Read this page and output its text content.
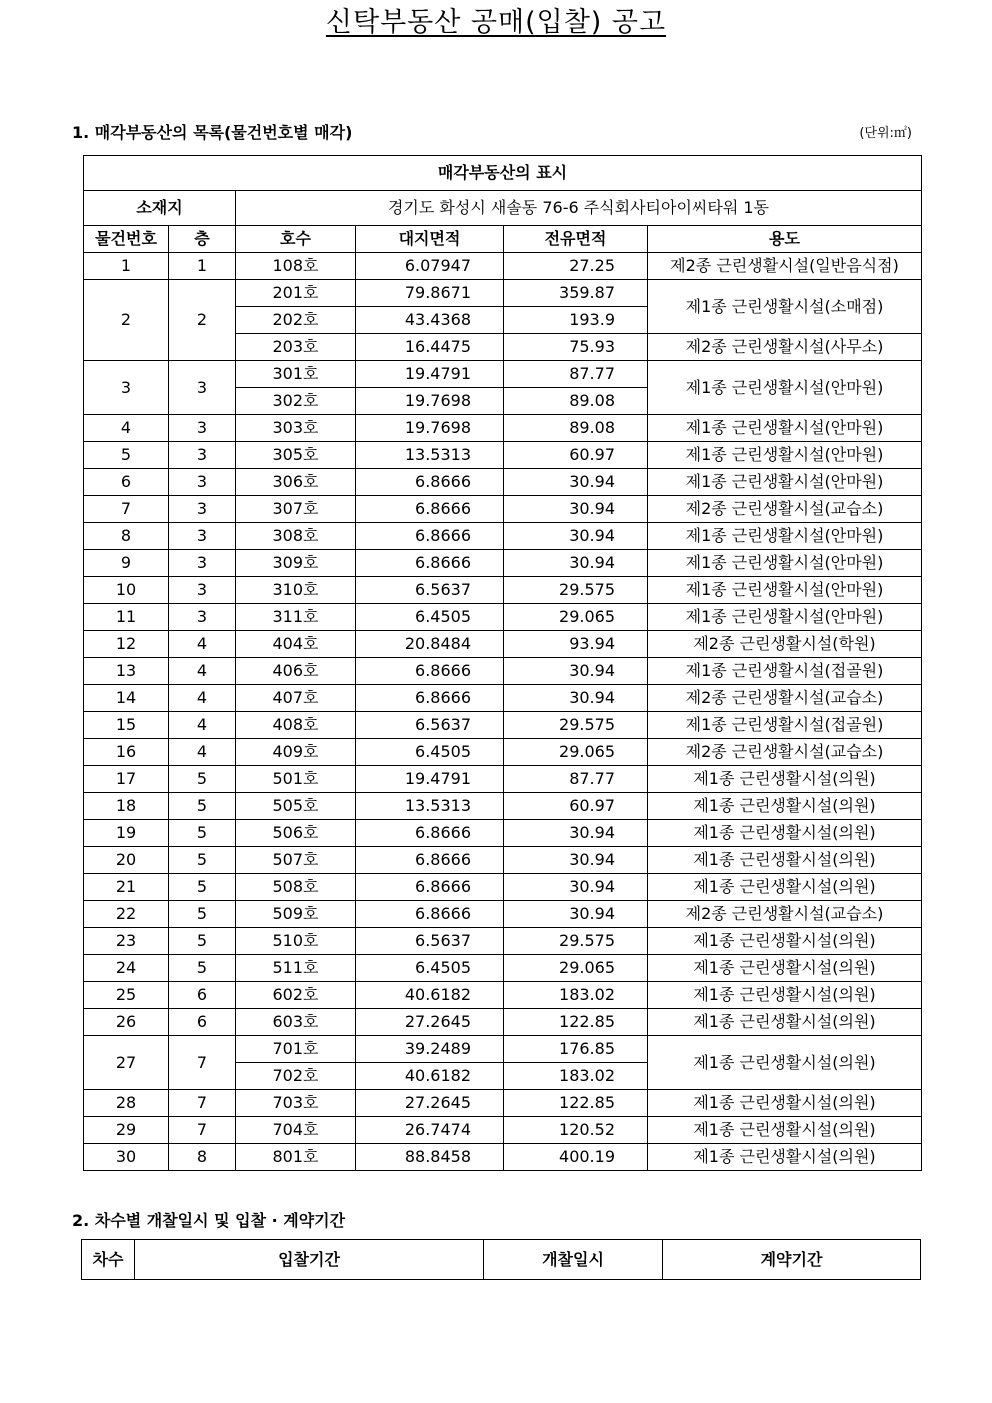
신탁부동산 공매(입찰) 공고
1. 매각부동산의 목록(물건번호별 매각)	(단위:㎡)
매각부동산의 표시					
소재지		경기도 화성시 새솔동 76-6 주식회사티아이씨타워 1동			
물건번호	층	호수	대지면적	전유면적	용도
1	1	108호	6.07947	27.25	제2종 근린생활시설(일반음식점)
2	2	201호	79.8671	359.87	제1종 근린생활시설(소매점)
		202호	43.4368	193.9	
		203호	16.4475	75.93	제2종 근린생활시설(사무소)
3	3	301호	19.4791	87.77	제1종 근린생활시설(안마원)
		302호	19.7698	89.08	
4	3	303호	19.7698	89.08	제1종 근린생활시설(안마원)
5	3	305호	13.5313	60.97	제1종 근린생활시설(안마원)
6	3	306호	6.8666	30.94	제1종 근린생활시설(안마원)
7	3	307호	6.8666	30.94	제2종 근린생활시설(교습소)
8	3	308호	6.8666	30.94	제1종 근린생활시설(안마원)
9	3	309호	6.8666	30.94	제1종 근린생활시설(안마원)
10	3	310호	6.5637	29.575	제1종 근린생활시설(안마원)
11	3	311호	6.4505	29.065	제1종 근린생활시설(안마원)
12	4	404호	20.8484	93.94	제2종 근린생활시설(학원)
13	4	406호	6.8666	30.94	제1종 근린생활시설(접골원)
14	4	407호	6.8666	30.94	제2종 근린생활시설(교습소)
15	4	408호	6.5637	29.575	제1종 근린생활시설(접골원)
16	4	409호	6.4505	29.065	제2종 근린생활시설(교습소)
17	5	501호	19.4791	87.77	제1종 근린생활시설(의원)
18	5	505호	13.5313	60.97	제1종 근린생활시설(의원)
19	5	506호	6.8666	30.94	제1종 근린생활시설(의원)
20	5	507호	6.8666	30.94	제1종 근린생활시설(의원)
21	5	508호	6.8666	30.94	제1종 근린생활시설(의원)
22	5	509호	6.8666	30.94	제2종 근린생활시설(교습소)
23	5	510호	6.5637	29.575	제1종 근린생활시설(의원)
24	5	511호	6.4505	29.065	제1종 근린생활시설(의원)
25	6	602호	40.6182	183.02	제1종 근린생활시설(의원)
26	6	603호	27.2645	122.85	제1종 근린생활시설(의원)
27	7	701호	39.2489	176.85	제1종 근린생활시설(의원)
		702호	40.6182	183.02	
28	7	703호	27.2645	122.85	제1종 근린생활시설(의원)
29	7	704호	26.7474	120.52	제1종 근린생활시설(의원)
30	8	801호	88.8458	400.19	제1종 근린생활시설(의원)
2. 차수별 개찰일시 및 입찰 · 계약기간
차수	입찰기간	개찰일시	계약기간
